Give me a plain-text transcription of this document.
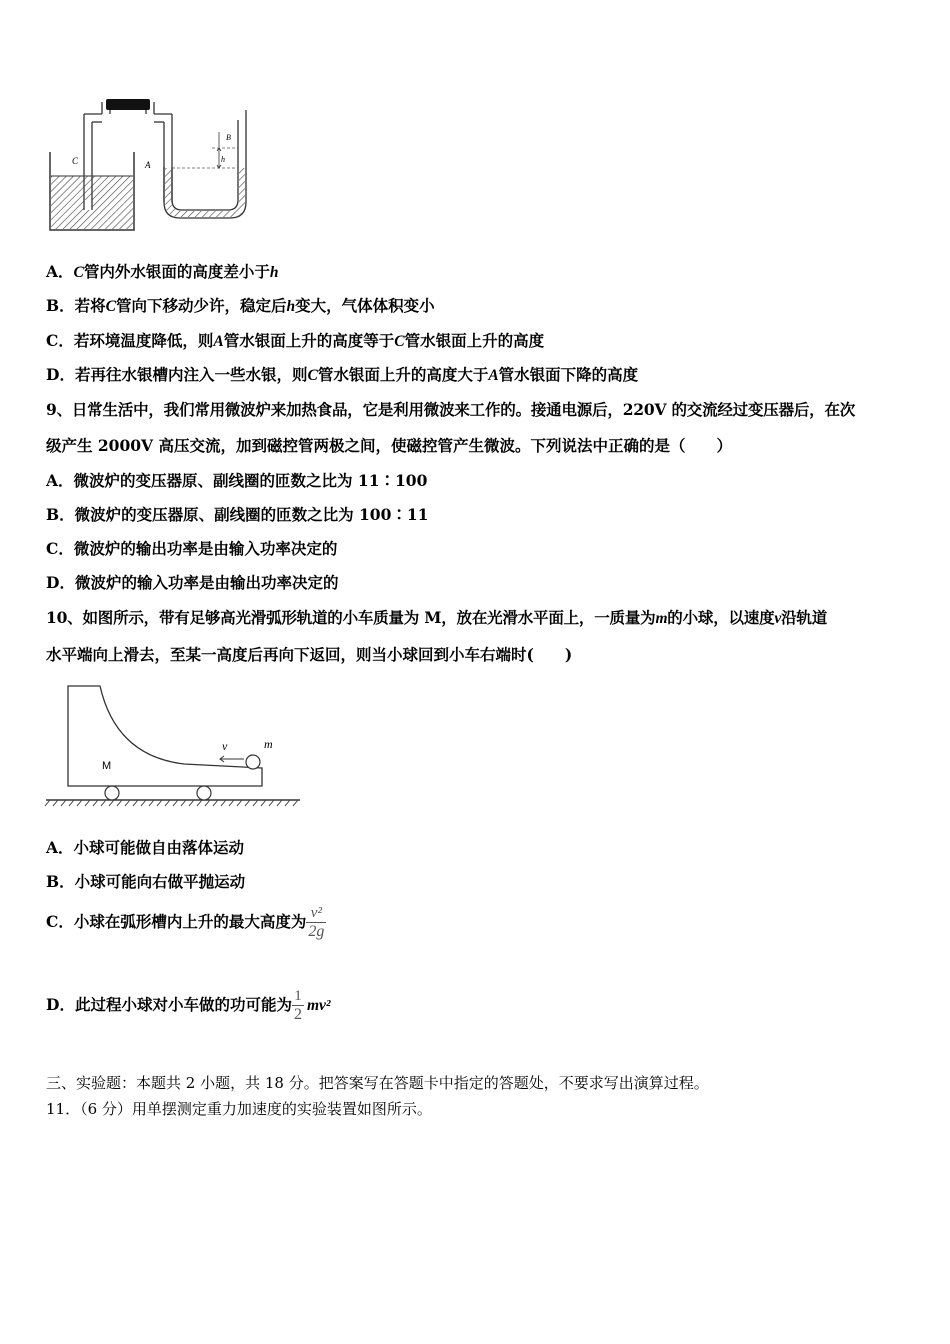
C	A
B
h
A．C管内外水银面的高度差小于h
B．若将C管向下移动少许，稳定后h变大，气体体积变小
C．若环境温度降低，则A管水银面上升的高度等于C管水银面上升的高度
D．若再往水银槽内注入一些水银，则C管水银面上升的高度大于A管水银面下降的高度
9、日常生活中，我们常用微波炉来加热食品，它是利用微波来工作的。接通电源后，220V 的交流经过变压器后，在次
级产生 2000V 高压交流，加到磁控管两极之间，使磁控管产生微波。下列说法中正确的是（　　）
A．微波炉的变压器原、副线圈的匝数之比为 11∶100
B．微波炉的变压器原、副线圈的匝数之比为 100∶11
C．微波炉的输出功率是由输入功率决定的
D．微波炉的输入功率是由输出功率决定的
10、如图所示，带有足够高光滑弧形轨道的小车质量为 M，放在光滑水平面上，一质量为m的小球，以速度v沿轨道
水平端向上滑去，至某一高度后再向下返回，则当小球回到小车右端时(　　)
M
v	m
A．小球可能做自由落体运动
B．小球可能向右做平抛运动
C．小球在弧形槽内上升的最大高度为 $\frac{\text{v²}}{2g}$
D．此过程小球对小车做的功可能为 $\frac{1}{2} mv^2$
三、实验题：本题共 2 小题，共 18 分。把答案写在答题卡中指定的答题处，不要求写出演算过程。
11．（6 分）用单摆测定重力加速度的实验装置如图所示。
